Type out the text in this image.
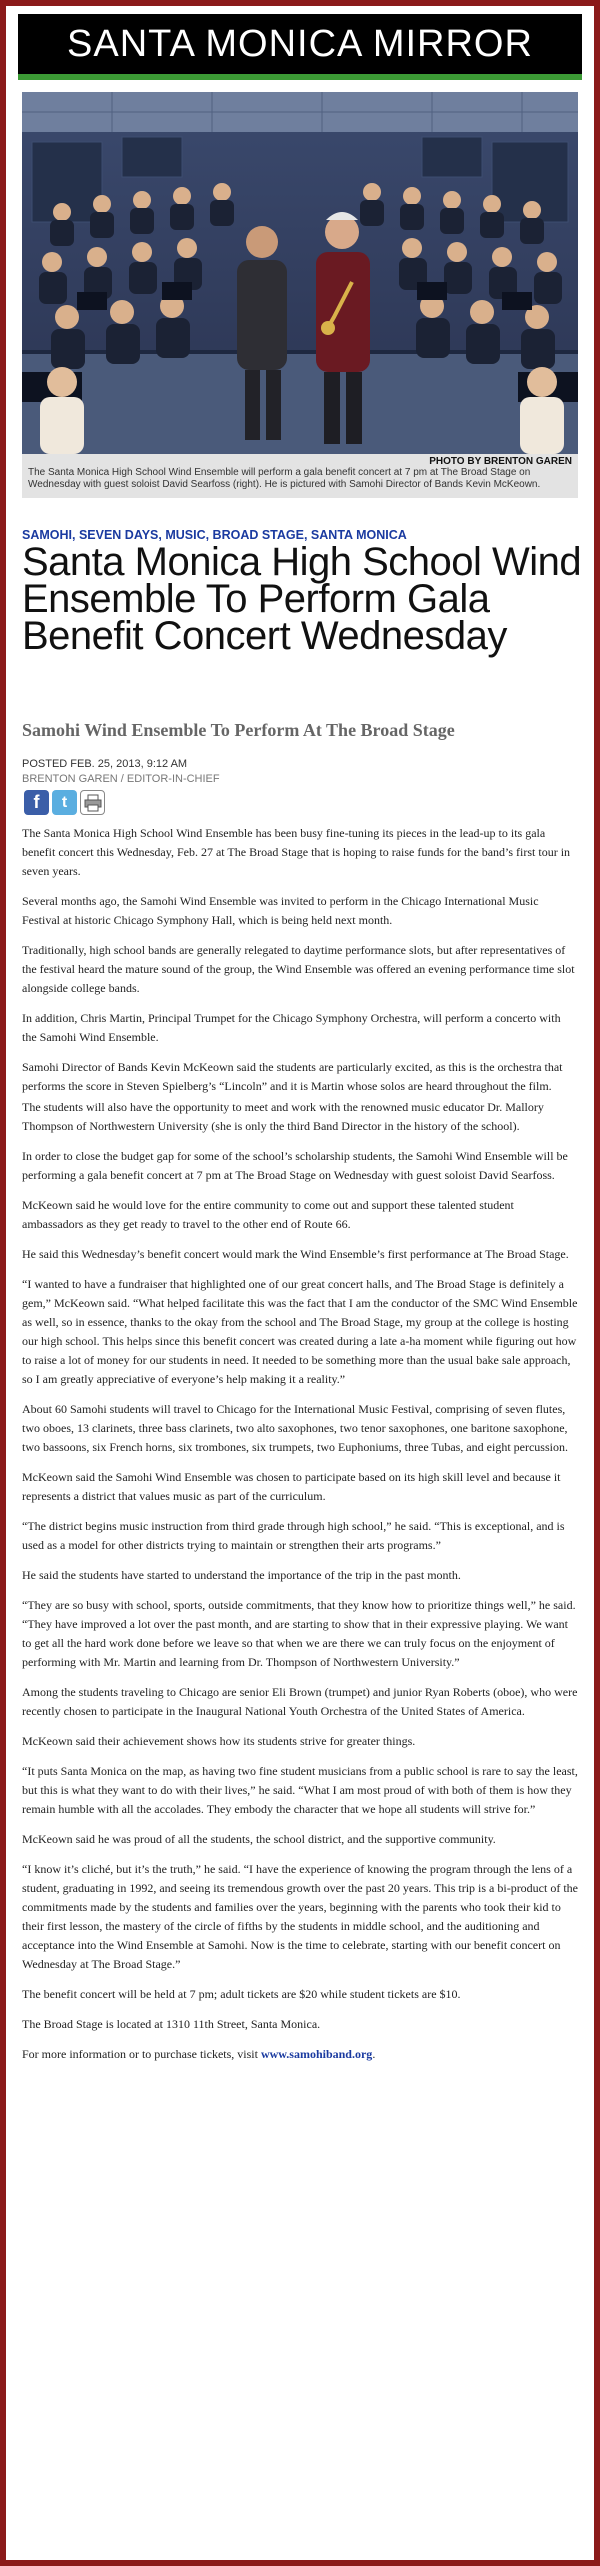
SANTA MONICA MIRROR
PHOTO BY BRENTON GAREN
The Santa Monica High School Wind Ensemble will perform a gala benefit concert at 7 pm at The Broad Stage on Wednesday with guest soloist David Searfoss (right). He is pictured with Samohi Director of Bands Kevin McKeown.
SAMOHI, SEVEN DAYS, MUSIC, BROAD STAGE, SANTA MONICA
Santa Monica High School Wind Ensemble To Perform Gala Benefit Concert Wednesday
Samohi Wind Ensemble To Perform At The Broad Stage
POSTED FEB. 25, 2013, 9:12 AM
BRENTON GAREN / EDITOR-IN-CHIEF
f	t

The Santa Monica High School Wind Ensemble has been busy fine-tuning its pieces in the lead-up to its gala benefit concert this Wednesday, Feb. 27 at The Broad Stage that is hoping to raise funds for the band’s first tour in seven years.

Several months ago, the Samohi Wind Ensemble was invited to perform in the Chicago International Music Festival at historic Chicago Symphony Hall, which is being held next month.

Traditionally, high school bands are generally relegated to daytime performance slots, but after representatives of the festival heard the mature sound of the group, the Wind Ensemble was offered an evening performance time slot alongside college bands.

In addition, Chris Martin, Principal Trumpet for the Chicago Symphony Orchestra, will perform a concerto with the Samohi Wind Ensemble.

Samohi Director of Bands Kevin McKeown said the students are particularly excited, as this is the orchestra that performs the score in Steven Spielberg’s “Lincoln” and it is Martin whose solos are heard throughout the film.

The students will also have the opportunity to meet and work with the renowned music educator Dr. Mallory Thompson of Northwestern University (she is only the third Band Director in the history of the school).

In order to close the budget gap for some of the school’s scholarship students, the Samohi Wind Ensemble will be performing a gala benefit concert at 7 pm at The Broad Stage on Wednesday with guest soloist David Searfoss.

McKeown said he would love for the entire community to come out and support these talented student ambassadors as they get ready to travel to the other end of Route 66.

He said this Wednesday’s benefit concert would mark the Wind Ensemble’s first performance at The Broad Stage.

“I wanted to have a fundraiser that highlighted one of our great concert halls, and The Broad Stage is definitely a gem,” McKeown said. “What helped facilitate this was the fact that I am the conductor of the SMC Wind Ensemble as well, so in essence, thanks to the okay from the school and The Broad Stage, my group at the college is hosting our high school. This helps since this benefit concert was created during a late a-ha moment while figuring out how to raise a lot of money for our students in need. It needed to be something more than the usual bake sale approach, so I am greatly appreciative of everyone’s help making it a reality.”

About 60 Samohi students will travel to Chicago for the International Music Festival, comprising of seven flutes, two oboes, 13 clarinets, three bass clarinets, two alto saxophones, two tenor saxophones, one baritone saxophone, two bassoons, six French horns, six trombones, six trumpets, two Euphoniums, three Tubas, and eight percussion.

McKeown said the Samohi Wind Ensemble was chosen to participate based on its high skill level and because it represents a district that values music as part of the curriculum.

“The district begins music instruction from third grade through high school,” he said. “This is exceptional, and is used as a model for other districts trying to maintain or strengthen their arts programs.”

He said the students have started to understand the importance of the trip in the past month.

“They are so busy with school, sports, outside commitments, that they know how to prioritize things well,” he said. “They have improved a lot over the past month, and are starting to show that in their expressive playing. We want to get all the hard work done before we leave so that when we are there we can truly focus on the enjoyment of performing with Mr. Martin and learning from Dr. Thompson of Northwestern University.”

Among the students traveling to Chicago are senior Eli Brown (trumpet) and junior Ryan Roberts (oboe), who were recently chosen to participate in the Inaugural National Youth Orchestra of the United States of America.

McKeown said their achievement shows how its students strive for greater things.

“It puts Santa Monica on the map, as having two fine student musicians from a public school is rare to say the least, but this is what they want to do with their lives,” he said. “What I am most proud of with both of them is how they remain humble with all the accolades. They embody the character that we hope all students will strive for.”

McKeown said he was proud of all the students, the school district, and the supportive community.

“I know it’s cliché, but it’s the truth,” he said. “I have the experience of knowing the program through the lens of a student, graduating in 1992, and seeing its tremendous growth over the past 20 years. This trip is a bi-product of the commitments made by the students and families over the years, beginning with the parents who took their kid to their first lesson, the mastery of the circle of fifths by the students in middle school, and the auditioning and acceptance into the Wind Ensemble at Samohi. Now is the time to celebrate, starting with our benefit concert on Wednesday at The Broad Stage.”

The benefit concert will be held at 7 pm; adult tickets are $20 while student tickets are $10.

The Broad Stage is located at 1310 11th Street, Santa Monica.

For more information or to purchase tickets, visit www.samohiband.org.
